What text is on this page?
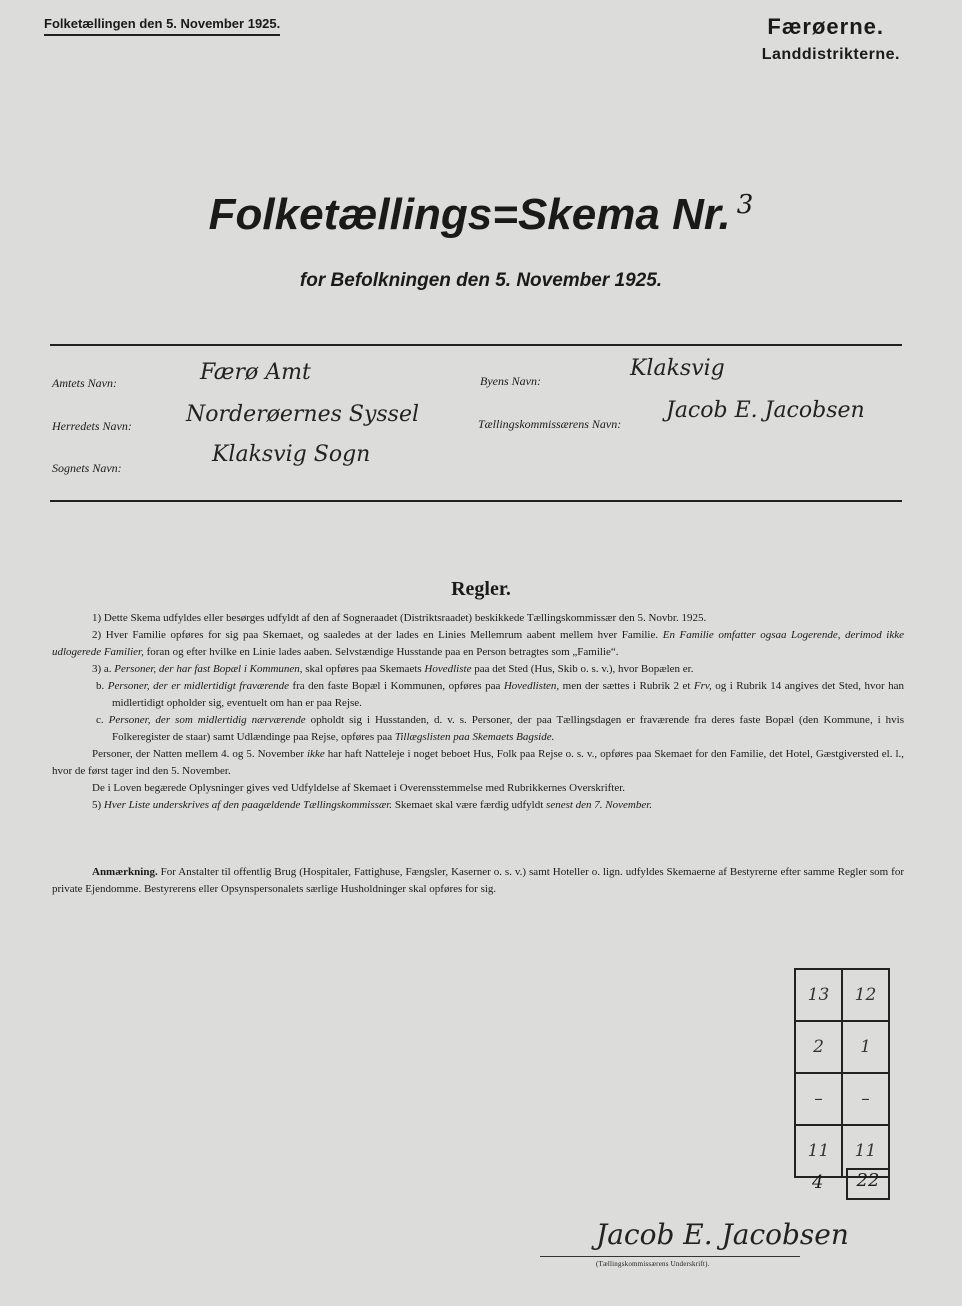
Folketællingen den 5. November 1925.	Færøerne.
Landdistrikterne.
Folketællings=Skema Nr. $^3$
for Befolkningen den 5. November 1925.
Amtets Navn:	Færø Amt
Herredets Navn: Norderøernes Syssel
Sognets Navn:
Klaksvig Sogn
Byens Navn:	Klaksvig
Tællingskommissærens Navn:
Jacob E. Jacobsen
Regler.

1) Dette Skema udfyldes eller besørges udfyldt af den af Sogneraadet (Distriktsraadet) beskikkede Tællingskommissær den 5. Novbr. 1925.

2) Hver Familie opføres for sig paa Skemaet, og saaledes at der lades en Linies Mellemrum aabent mellem hver Familie. En Familie omfatter ogsaa Logerende, derimod ikke udlogerede Familier, foran og efter hvilke en Linie lades aaben. Selvstændige Husstande paa en Person betragtes som „Familie“.

3) a. Personer, der har fast Bopæl i Kommunen, skal opføres paa Skemaets Hovedliste paa det Sted (Hus, Skib o. s. v.), hvor Bopælen er.

b. Personer, der er midlertidigt fraværende fra den faste Bopæl i Kommunen, opføres paa Hovedlisten, men der sættes i Rubrik 2 et Frv, og i Rubrik 14 angives det Sted, hvor han midlertidigt opholder sig, eventuelt om han er paa Rejse.

c. Personer, der som midlertidig nærværende opholdt sig i Husstanden, d. v. s. Personer, der paa Tællingsdagen er fraværende fra deres faste Bopæl (den Kommune, i hvis Folkeregister de staar) samt Udlændinge paa Rejse, opføres paa Tillægslisten paa Skemaets Bagside.

Personer, der Natten mellem 4. og 5. November ikke har haft Natteleje i noget beboet Hus, Folk paa Rejse o. s. v., opføres paa Skemaet for den Familie, det Hotel, Gæstgiversted el. l., hvor de først tager ind den 5. November.

De i Loven begærede Oplysninger gives ved Udfyldelse af Skemaet i Overensstemmelse med Rubrikkernes Overskrifter.

5) Hver Liste underskrives af den paagældende Tællingskommissær. Skemaet skal være færdig udfyldt senest den 7. November.

Anmærkning. For Anstalter til offentlig Brug (Hospitaler, Fattighuse, Fængsler, Kaserner o. s. v.) samt Hoteller o. lign. udfyldes Skemaerne af Bestyrerne efter samme Regler som for private Ejendomme. Bestyrerens eller Opsynspersonalets særlige Husholdninger skal opføres for sig.
13	12
2	1
–	–
11	11
4	22
Jacob E. Jacobsen
(Tællingskommissærens Underskrift).
